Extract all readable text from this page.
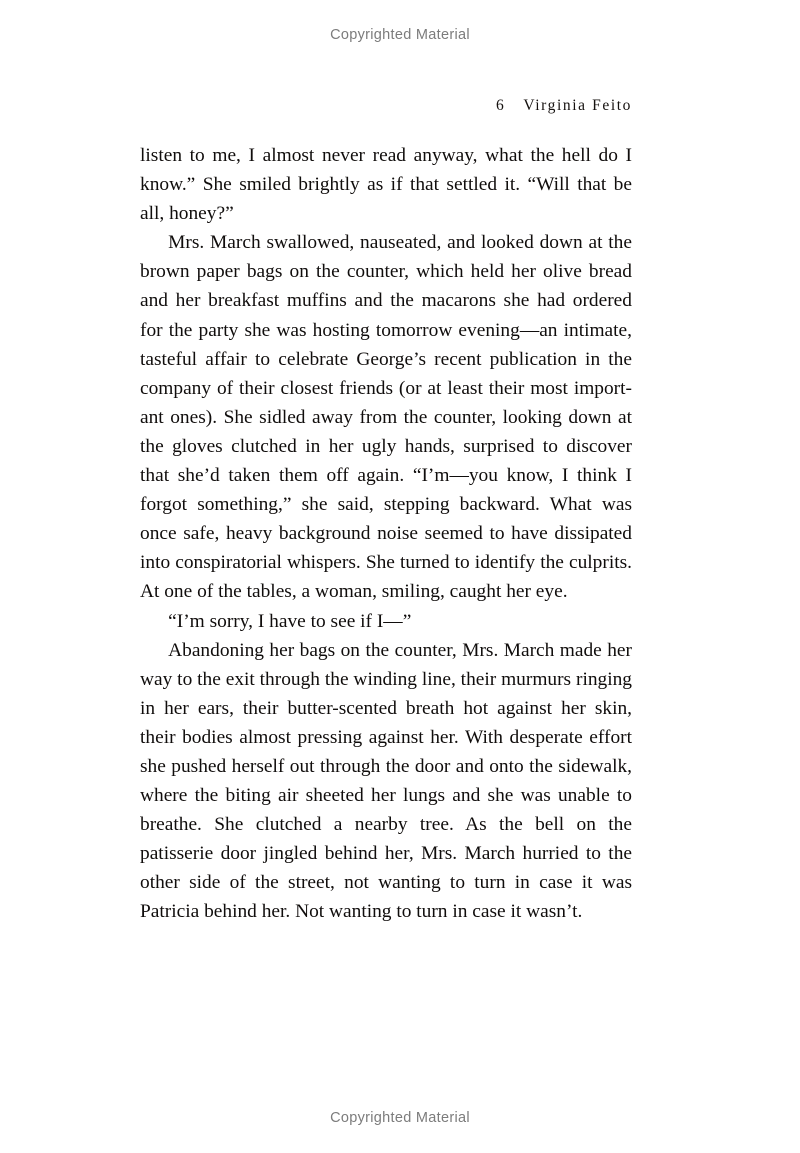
Copyrighted Material
6 Virginia Feito

listen to me, I almost never read anyway, what the hell do I know.” She smiled brightly as if that settled it. “Will that be all, honey?”

Mrs. March swallowed, nauseated, and looked down at the brown paper bags on the counter, which held her olive bread and her breakfast muffins and the macarons she had ordered for the party she was hosting tomorrow evening—an intimate, tasteful affair to celebrate George’s recent publication in the company of their closest friends (or at least their most important ones). She sidled away from the counter, looking down at the gloves clutched in her ugly hands, surprised to discover that she’d taken them off again. “I’m—you know, I think I forgot something,” she said, stepping backward. What was once safe, heavy background noise seemed to have dissipated into conspiratorial whispers. She turned to identify the culprits. At one of the tables, a woman, smiling, caught her eye.

“I’m sorry, I have to see if I—”

Abandoning her bags on the counter, Mrs. March made her way to the exit through the winding line, their murmurs ringing in her ears, their butter-scented breath hot against her skin, their bodies almost pressing against her. With desperate effort she pushed herself out through the door and onto the sidewalk, where the biting air sheeted her lungs and she was unable to breathe. She clutched a nearby tree. As the bell on the patisserie door jingled behind her, Mrs. March hurried to the other side of the street, not wanting to turn in case it was Patricia behind her. Not wanting to turn in case it wasn’t.

Copyrighted Material
